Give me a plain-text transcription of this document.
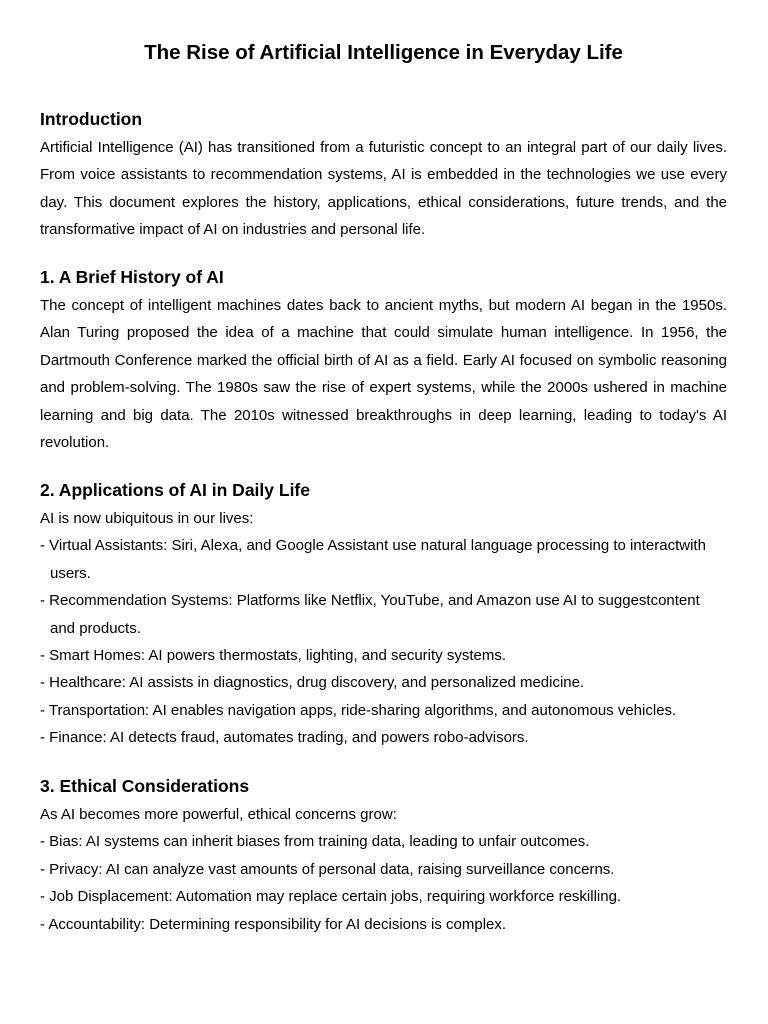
The Rise of Artificial Intelligence in Everyday Life
Introduction

Artificial Intelligence (AI) has transitioned from a futuristic concept to an integral part of our daily lives. From voice assistants to recommendation systems, AI is embedded in the technologies we use every day. This document explores the history, applications, ethical considerations, future trends, and the transformative impact of AI on industries and personal life.

1. A Brief History of AI

The concept of intelligent machines dates back to ancient myths, but modern AI began in the 1950s. Alan Turing proposed the idea of a machine that could simulate human intelligence. In 1956, the Dartmouth Conference marked the official birth of AI as a field. Early AI focused on symbolic reasoning and problem-solving. The 1980s saw the rise of expert systems, while the 2000s ushered in machine learning and big data. The 2010s witnessed breakthroughs in deep learning, leading to today's AI revolution.

2. Applications of AI in Daily Life

AI is now ubiquitous in our lives:

- Virtual Assistants: Siri, Alexa, and Google Assistant use natural language processing to interactwith users.
- Recommendation Systems: Platforms like Netflix, YouTube, and Amazon use AI to suggestcontent and products.
- Smart Homes: AI powers thermostats, lighting, and security systems.
- Healthcare: AI assists in diagnostics, drug discovery, and personalized medicine.
- Transportation: AI enables navigation apps, ride-sharing algorithms, and autonomous vehicles.
- Finance: AI detects fraud, automates trading, and powers robo-advisors.
3. Ethical Considerations

As AI becomes more powerful, ethical concerns grow:

- Bias: AI systems can inherit biases from training data, leading to unfair outcomes.
- Privacy: AI can analyze vast amounts of personal data, raising surveillance concerns.
- Job Displacement: Automation may replace certain jobs, requiring workforce reskilling.
- Accountability: Determining responsibility for AI decisions is complex.
